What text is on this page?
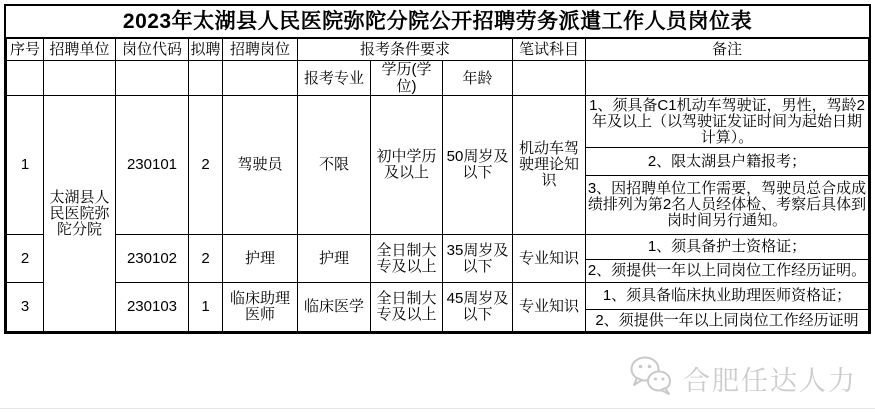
2023年太湖县人民医院弥陀分院公开招聘劳务派遣工作人员岗位表
序号	招聘单位	岗位代码	拟聘	招聘岗位	报考条件要求			笔试科目	备注
					报考专业	学历(学位)	年龄		
1	太湖县人民医院弥陀分院	230101	2	驾驶员	不限	初中学历及以上	50周岁及以下	机动车驾驶理论知识	1、须具备C1机动车驾驶证，男性，驾龄2年及以上（以驾驶证发证时间为起始日期计算）。
									2、限太湖县户籍报考；
									3、因招聘单位工作需要，驾驶员总合成成绩排列为第2名人员经体检、考察后具体到岗时间另行通知。
2		230102	2	护理	护理	全日制大专及以上	35周岁及以下	专业知识	1、须具备护士资格证；
									2、须提供一年以上同岗位工作经历证明。
3		230103	1	临床助理医师	临床医学	全日制大专及以上	45周岁及以下	专业知识	1、须具备临床执业助理医师资格证；
									2、须提供一年以上同岗位工作经历证明
合肥任达人力
